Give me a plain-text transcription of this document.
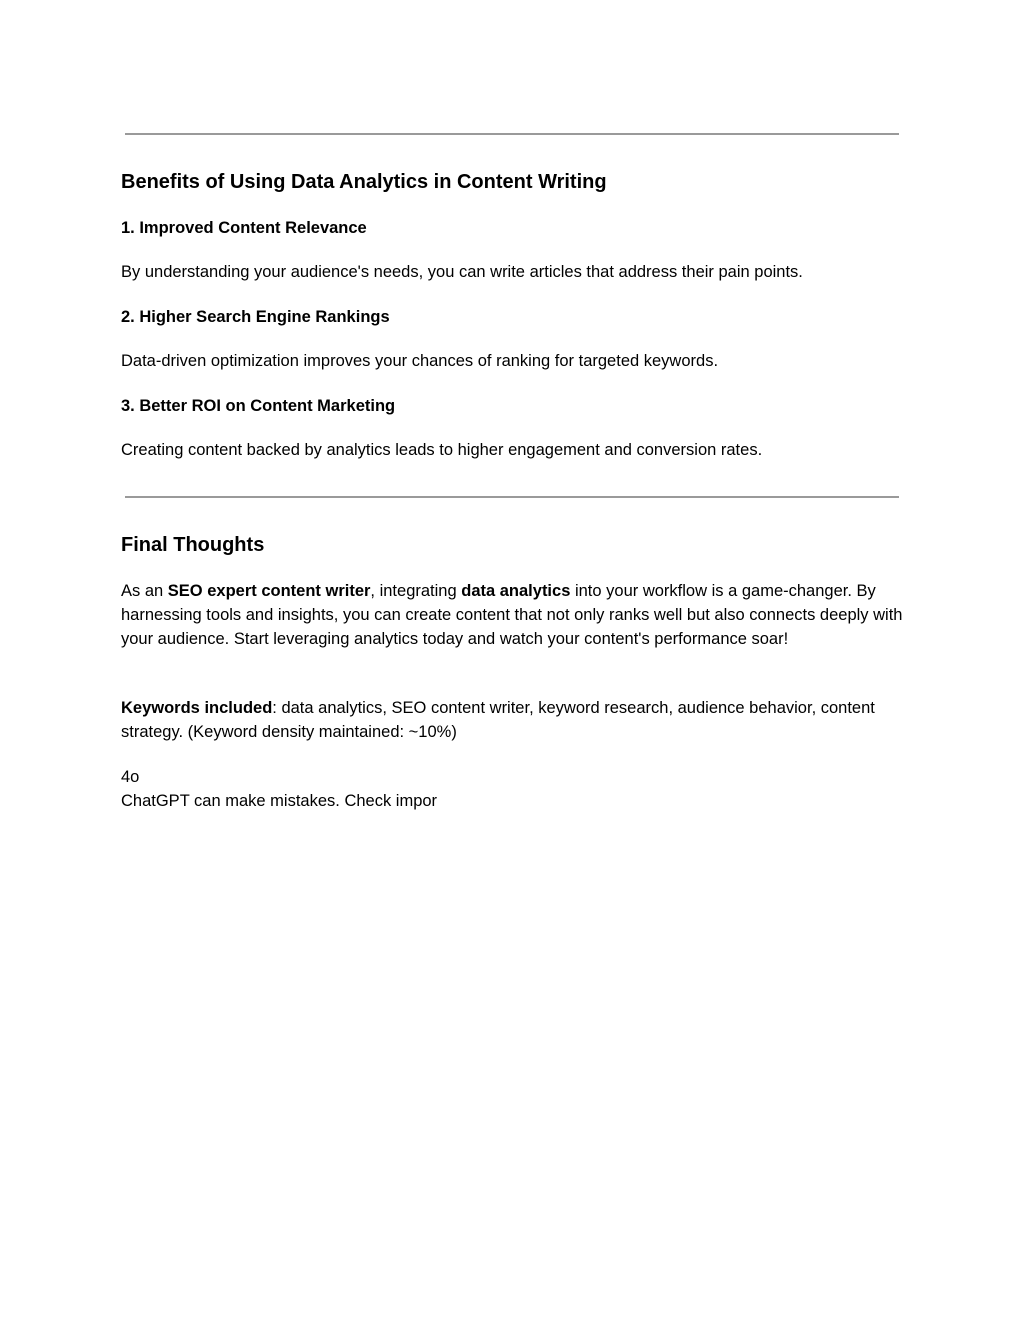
Benefits of Using Data Analytics in Content Writing
1. Improved Content Relevance

By understanding your audience's needs, you can write articles that address their pain points.

2. Higher Search Engine Rankings

Data-driven optimization improves your chances of ranking for targeted keywords.

3. Better ROI on Content Marketing

Creating content backed by analytics leads to higher engagement and conversion rates.

Final Thoughts

As an SEO expert content writer, integrating data analytics into your workflow is a game-changer. By harnessing tools and insights, you can create content that not only ranks well but also connects deeply with your audience. Start leveraging analytics today and watch your content's performance soar!

Keywords included: data analytics, SEO content writer, keyword research, audience behavior, content strategy. (Keyword density maintained: ~10%)

4o

ChatGPT can make mistakes. Check impor
